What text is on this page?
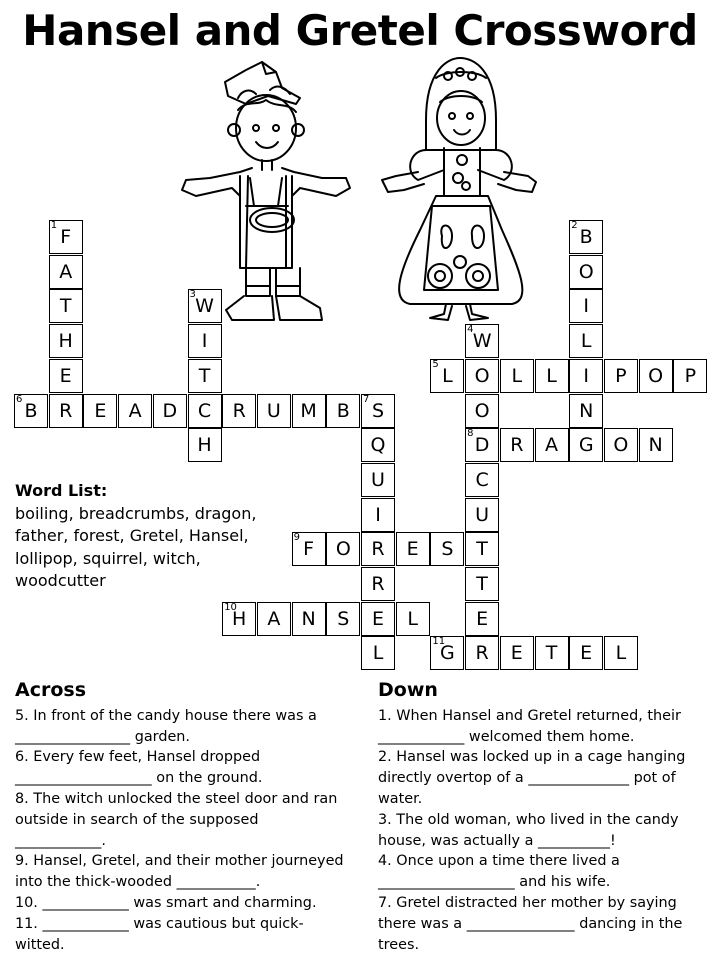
Hansel and Gretel Crossword
1
F
A
T
H
E
2
B
O
I
L
N
G
3
W
I
T
H
4
W
O
O
C
U
T
T
E
5
L	L L I P O P
6
B R E A D C R U M B
7
S
Q
U
I
R
L
8
D R A	O N
9
F O R E S
10
H A N S E L
11
G R E T E L
Word List:
boiling, breadcrumbs, dragon, father, forest, Gretel, Hansel, lollipop, squirrel, witch, woodcutter
Across

5. In front of the candy house there was a ________________ garden.

6. Every few feet, Hansel dropped ___________________ on the ground.

8. The witch unlocked the steel door and ran outside in search of the supposed ____________.

9. Hansel, Gretel, and their mother journeyed into the thick-wooded ___________.

10. ____________ was smart and charming.

11. ____________ was cautious but quick-witted.

Down

1. When Hansel and Gretel returned, their ____________ welcomed them home.

2. Hansel was locked up in a cage hanging directly overtop of a ______________ pot of water.

3. The old woman, who lived in the candy house, was actually a __________!

4. Once upon a time there lived a ___________________ and his wife.

7. Gretel distracted her mother by saying there was a _______________ dancing in the trees.
